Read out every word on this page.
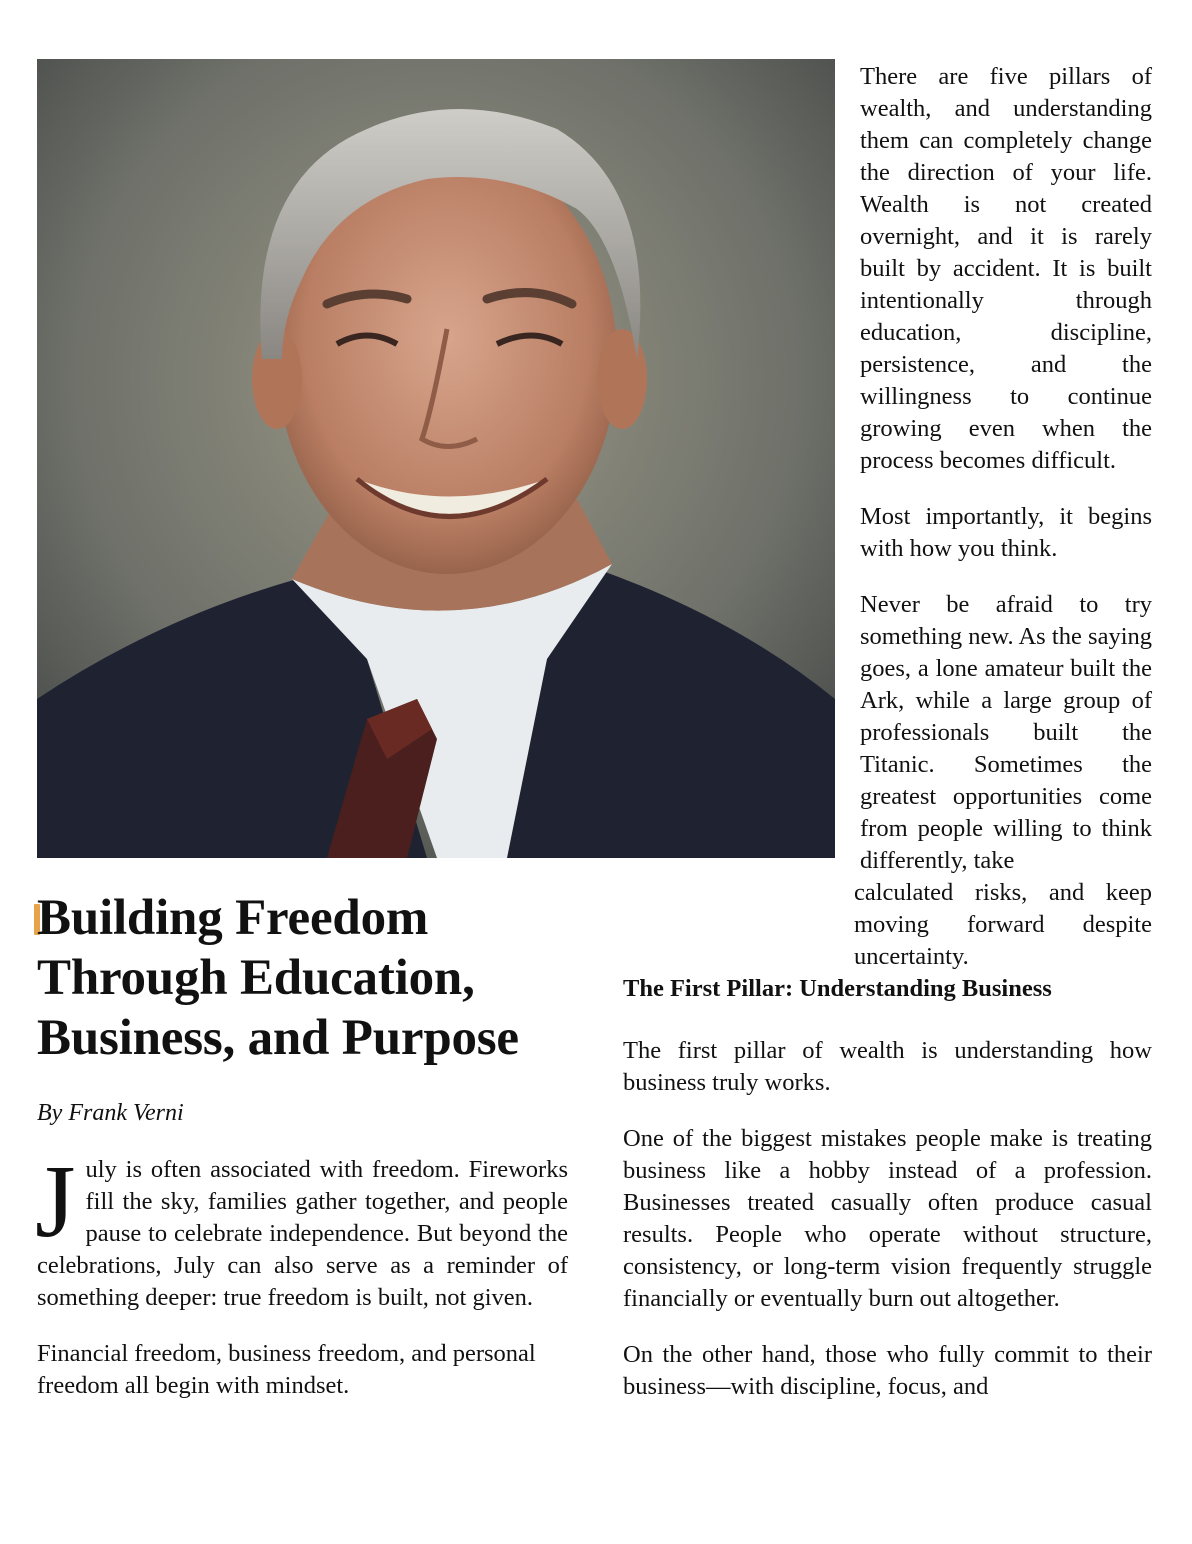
There are five pillars of wealth, and understanding them can completely change the direction of your life. Wealth is not created overnight, and it is rarely built by accident. It is built intentionally through education, discipline, persistence, and the willingness to continue growing even when the process becomes difficult.

Most importantly, it begins with how you think.

Never be afraid to try something new. As the saying goes, a lone amateur built the Ark, while a large group of professionals built the Titanic. Sometimes the greatest opportunities come from people willing to think differently, take

calculated risks, and keep moving forward despite uncertainty.

The First Pillar: Understanding Business

The first pillar of wealth is understanding how business truly works.

One of the biggest mistakes people make is treating business like a hobby instead of a profession. Businesses treated casually often produce casual results. People who operate without structure, consistency, or long-term vision frequently struggle financially or eventually burn out altogether.

On the other hand, those who fully commit to their business—with discipline, focus, and

Building Freedom Through Education, Business, and Purpose

By Frank Verni

July is often associated with freedom. Fireworks fill the sky, families gather together, and people pause to celebrate independence. But beyond the celebrations, July can also serve as a reminder of something deeper: true freedom is built, not given.

Financial freedom, business freedom, and personal freedom all begin with mindset.
